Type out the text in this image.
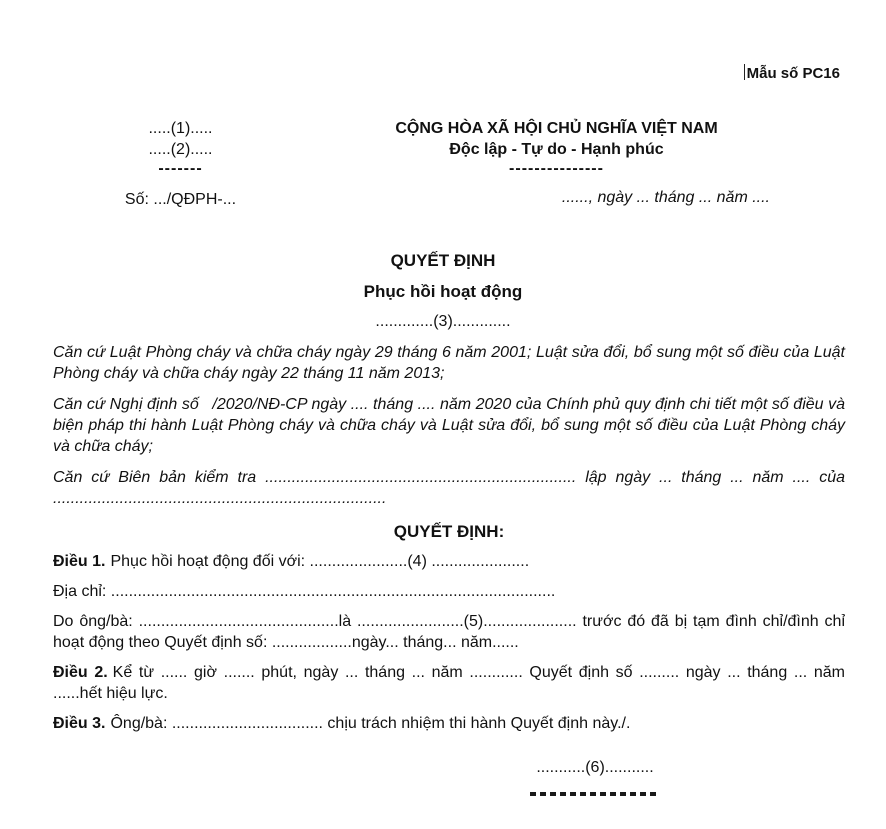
Mẫu số PC16
.....(1).....
.....(2).....
-------
Số: .../QĐPH-...
CỘNG HÒA XÃ HỘI CHỦ NGHĨA VIỆT NAM
Độc lập - Tự do - Hạnh phúc
---------------
......, ngày ... tháng ... năm ....
QUYẾT ĐỊNH
Phục hồi hoạt động
.............(3).............

Căn cứ Luật Phòng cháy và chữa cháy ngày 29 tháng 6 năm 2001; Luật sửa đổi, bổ sung một số điều của Luật Phòng cháy và chữa cháy ngày 22 tháng 11 năm 2013;

Căn cứ Nghị định số   /2020/NĐ-CP ngày .... tháng .... năm 2020 của Chính phủ quy định chi tiết một số điều và biện pháp thi hành Luật Phòng cháy và chữa cháy và Luật sửa đổi, bổ sung một số điều của Luật Phòng cháy và chữa cháy;

Căn cứ Biên bản kiểm tra ...................................................................... lập ngày ... tháng ... năm .... của ...........................................................................

QUYẾT ĐỊNH:

Điều 1. Phục hồi hoạt động đối với: ......................(4) ......................

Địa chỉ: ....................................................................................................

Do ông/bà: .............................................là ........................(5)..................... trước đó đã bị tạm đình chỉ/đình chỉ hoạt động theo Quyết định số: ..................ngày... tháng... năm......

Điều 2. Kể từ ...... giờ ....... phút, ngày ... tháng ... năm ............ Quyết định số ......... ngày ... tháng ... năm ......hết hiệu lực.

Điều 3. Ông/bà: .................................. chịu trách nhiệm thi hành Quyết định này./.

...........(6)...........
